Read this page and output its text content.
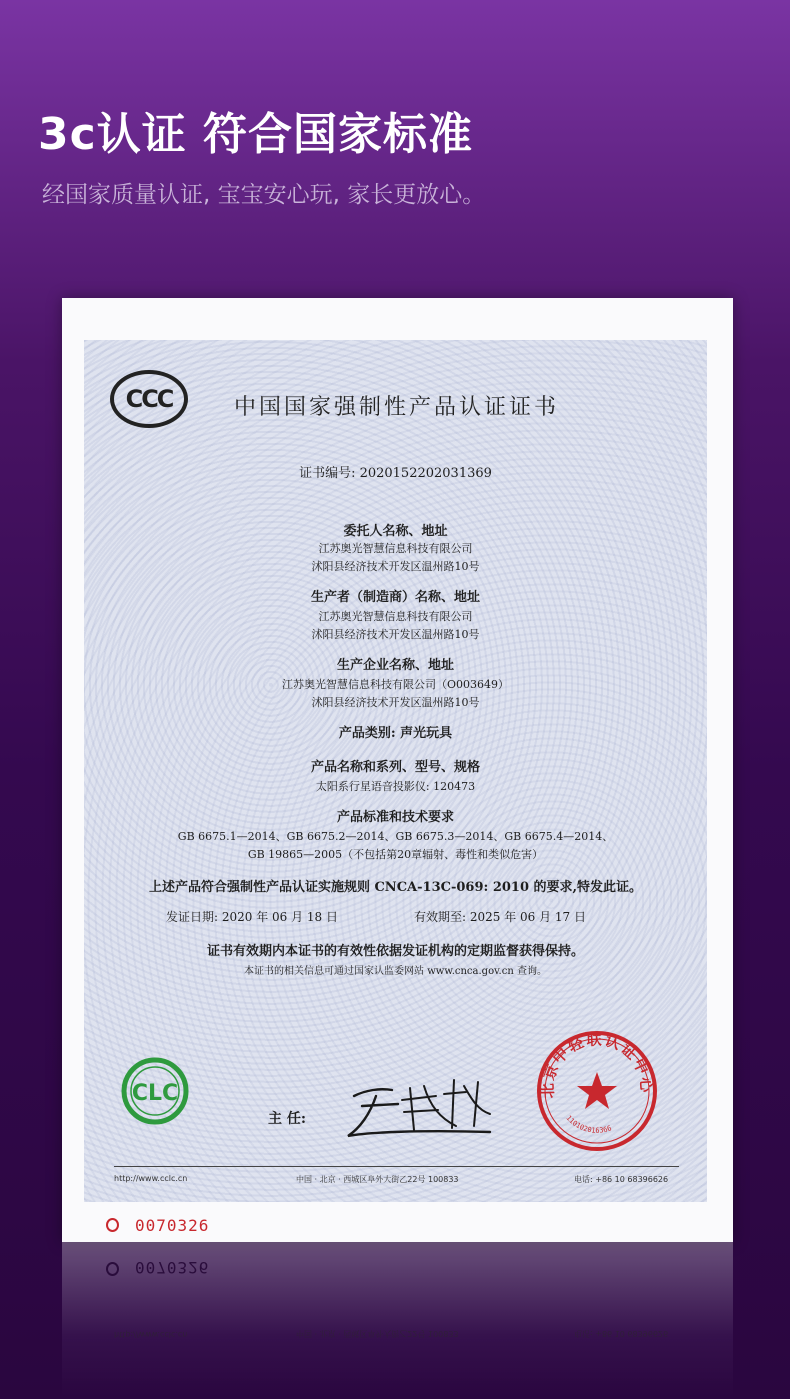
3c认证 符合国家标准
经国家质量认证, 宝宝安心玩, 家长更放心。
CCC	中国国家强制性产品认证证书
证书编号: 2020152202031369
委托人名称、地址
江苏奥光智慧信息科技有限公司
沭阳县经济技术开发区温州路10号
生产者（制造商）名称、地址
江苏奥光智慧信息科技有限公司
沭阳县经济技术开发区温州路10号
生产企业名称、地址
江苏奥光智慧信息科技有限公司（O003649）
沭阳县经济技术开发区温州路10号
产品类别: 声光玩具
产品名称和系列、型号、规格
太阳系行星语音投影仪: 120473
产品标准和技术要求
GB 6675.1—2014、GB 6675.2—2014、GB 6675.3—2014、GB 6675.4—2014、
GB 19865—2005（不包括第20章辐射、毒性和类似危害）
上述产品符合强制性产品认证实施规则 CNCA-13C-069: 2010 的要求,特发此证。
发证日期: 2020 年 06 月 18 日	有效期至: 2025 年 06 月 17 日
证书有效期内本证书的有效性依据发证机构的定期监督获得保持。
本证书的相关信息可通过国家认监委网站 www.cnca.gov.cn 查询。
CLC
主 任:
北京中轻联认证中心
110102016366
http://www.cclc.cn	中国 · 北京 · 西城区阜外大街乙22号 100833	电话: +86 10 68396626
0070326
0070326
http://www.cclc.cn	中国 · 北京 · 西城区阜外大街乙22号 100833	电话: +86 10 68396626
